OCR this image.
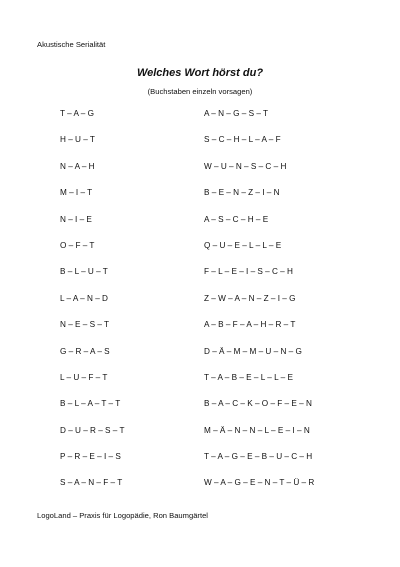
Akustische Serialität
Welches Wort hörst du?
(Buchstaben einzeln vorsagen)
T – A – G	A – N – G – S – T
H – U – T	S – C – H – L – A – F
N – A – H	W – U – N – S – C – H
M – I – T	B – E – N – Z – I – N
N – I – E	A – S – C – H – E
O – F – T	Q – U – E – L – L – E
B – L – U – T	F – L – E – I – S – C – H
L – A – N – D	Z – W – A – N – Z – I – G
N – E – S – T	A – B – F – A – H – R – T
G – R – A – S	D – Ä – M – M – U – N – G
L – U – F – T	T – A – B – E – L – L – E
B – L – A – T – T	B – A – C – K – O – F – E – N
D – U – R – S – T	M – Ä – N – N – L – E – I – N
P – R – E – I – S	T – A – G – E – B – U – C – H
S – A – N – F – T	W – A – G – E – N – T – Ü – R
LogoLand – Praxis für Logopädie, Ron Baumgärtel
